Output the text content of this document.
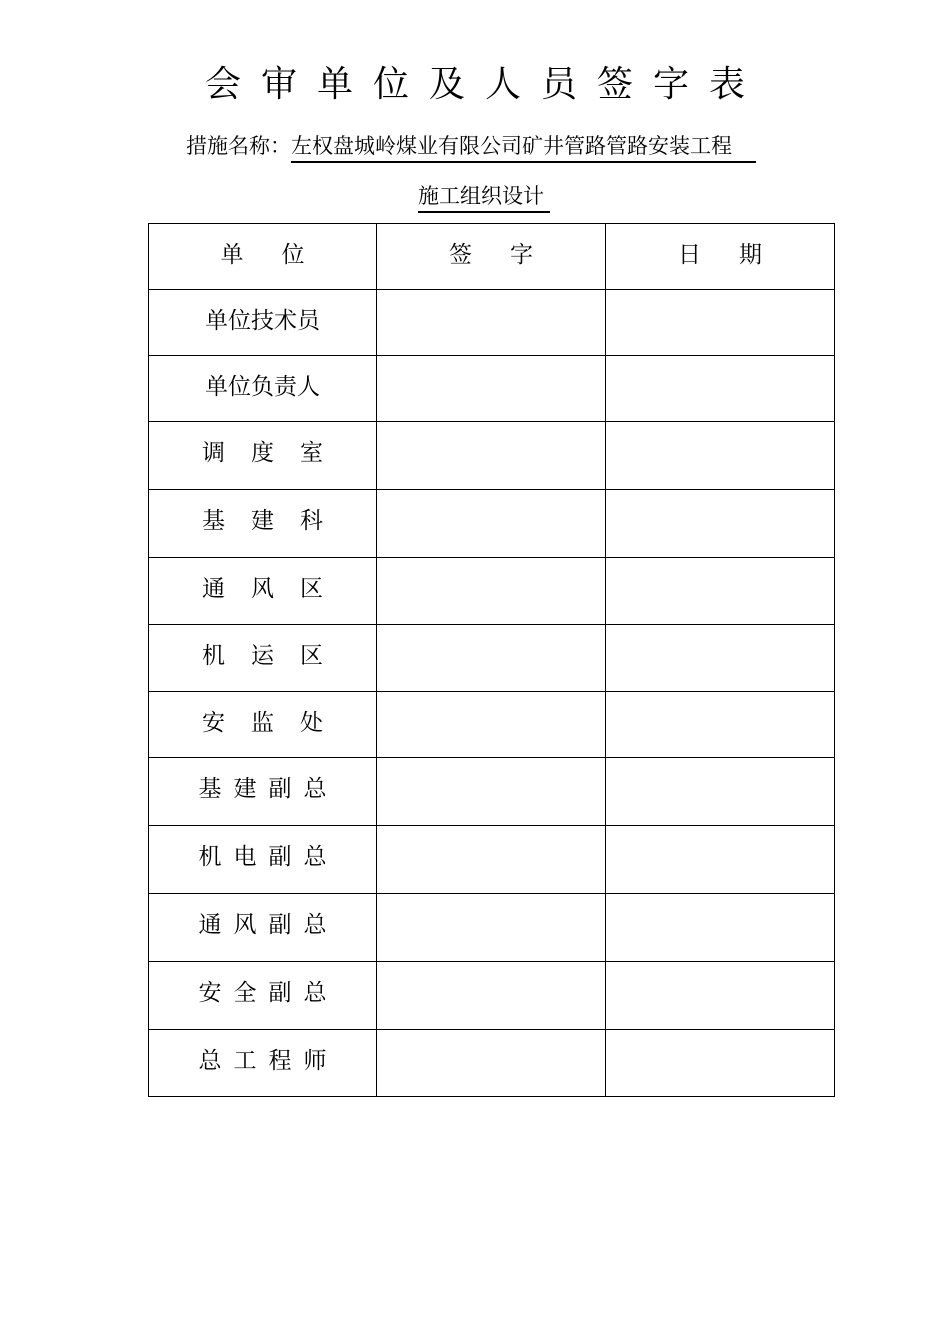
会审单位及人员签字表
措施名称：左权盘城岭煤业有限公司矿井管路管路安装工程
施工组织设计
单位	签字	日期
单位技术员		
单位负责人		
调度室		
基建科		
通风区		
机运区		
安监处		
基建副总		
机电副总		
通风副总		
安全副总		
总工程师		
